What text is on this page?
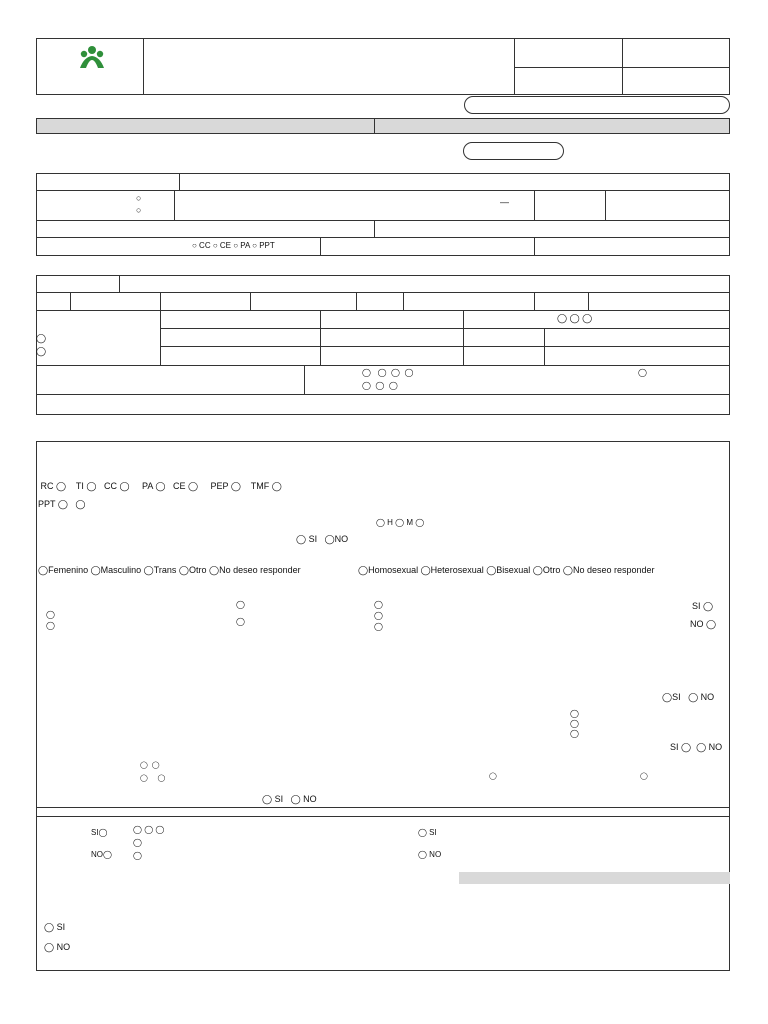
○
○
—
○ CC ○ CE ○ PA ○ PPT
◯
◯
◯ ◯ ◯
◯   ◯  ◯  ◯	◯
◯  ◯  ◯
RC ◯    TI ◯   CC ◯     PA ◯   CE ◯     PEP ◯    TMF ◯
PPT ◯   ◯
◯ H ◯ M ◯
◯ SI   ◯NO
◯Femenino ◯Masculino ◯Trans ◯Otro ◯No deseo responder	◯Homosexual ◯Heterosexual ◯Bisexual ◯Otro ◯No deseo responder
◯
◯
◯
◯
◯
◯
◯
SI ◯
NO ◯
◯SI   ◯ NO
◯
◯
◯
SI ◯  ◯ NO
◯  ◯
◯     ◯	◯	◯
◯ SI   ◯ NO
SI◯
NO◯
◯ ◯ ◯
◯
◯
◯ SI
◯ NO
◯ SI
◯ NO
